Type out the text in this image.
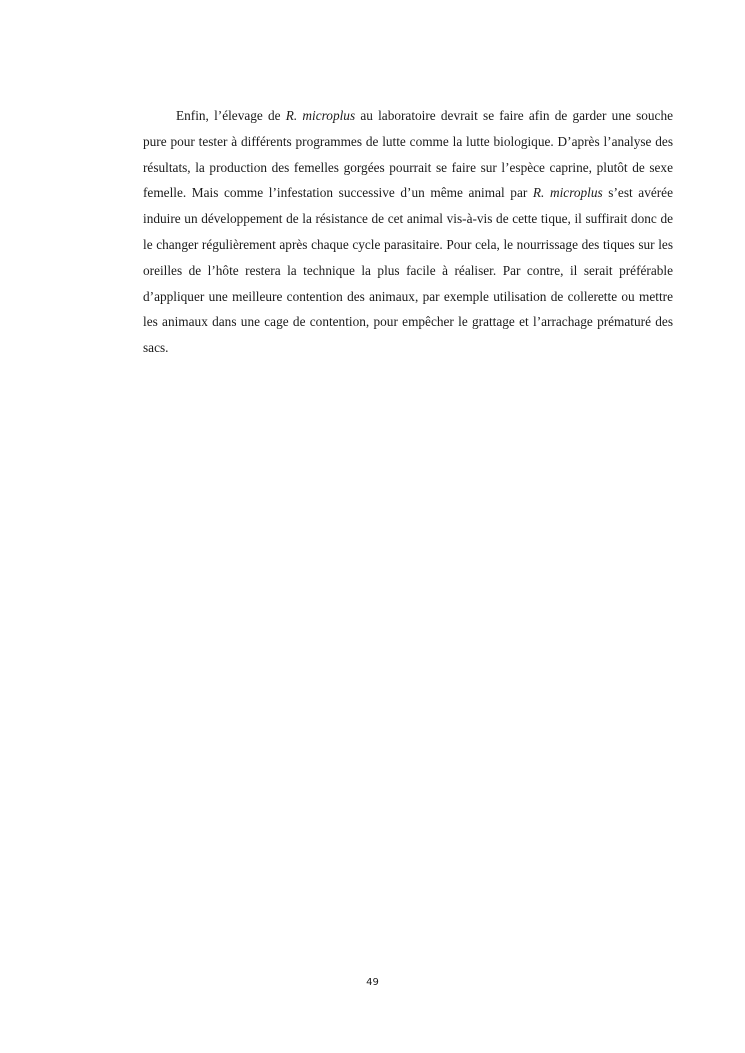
Enfin, l’élevage de R. microplus au laboratoire devrait se faire afin de garder une souche pure pour tester à différents programmes de lutte comme la lutte biologique. D’après l’analyse des résultats, la production des femelles gorgées pourrait se faire sur l’espèce caprine, plutôt de sexe femelle. Mais comme l’infestation successive d’un même animal par R. microplus s’est avérée induire un développement de la résistance de cet animal vis-à-vis de cette tique, il suffirait donc de le changer régulièrement après chaque cycle parasitaire. Pour cela, le nourrissage des tiques sur les oreilles de l’hôte restera la technique la plus facile à réaliser. Par contre, il serait préférable d’appliquer une meilleure contention des animaux, par exemple utilisation de collerette ou mettre les animaux dans une cage de contention, pour empêcher le grattage et l’arrachage prématuré des sacs.

49
